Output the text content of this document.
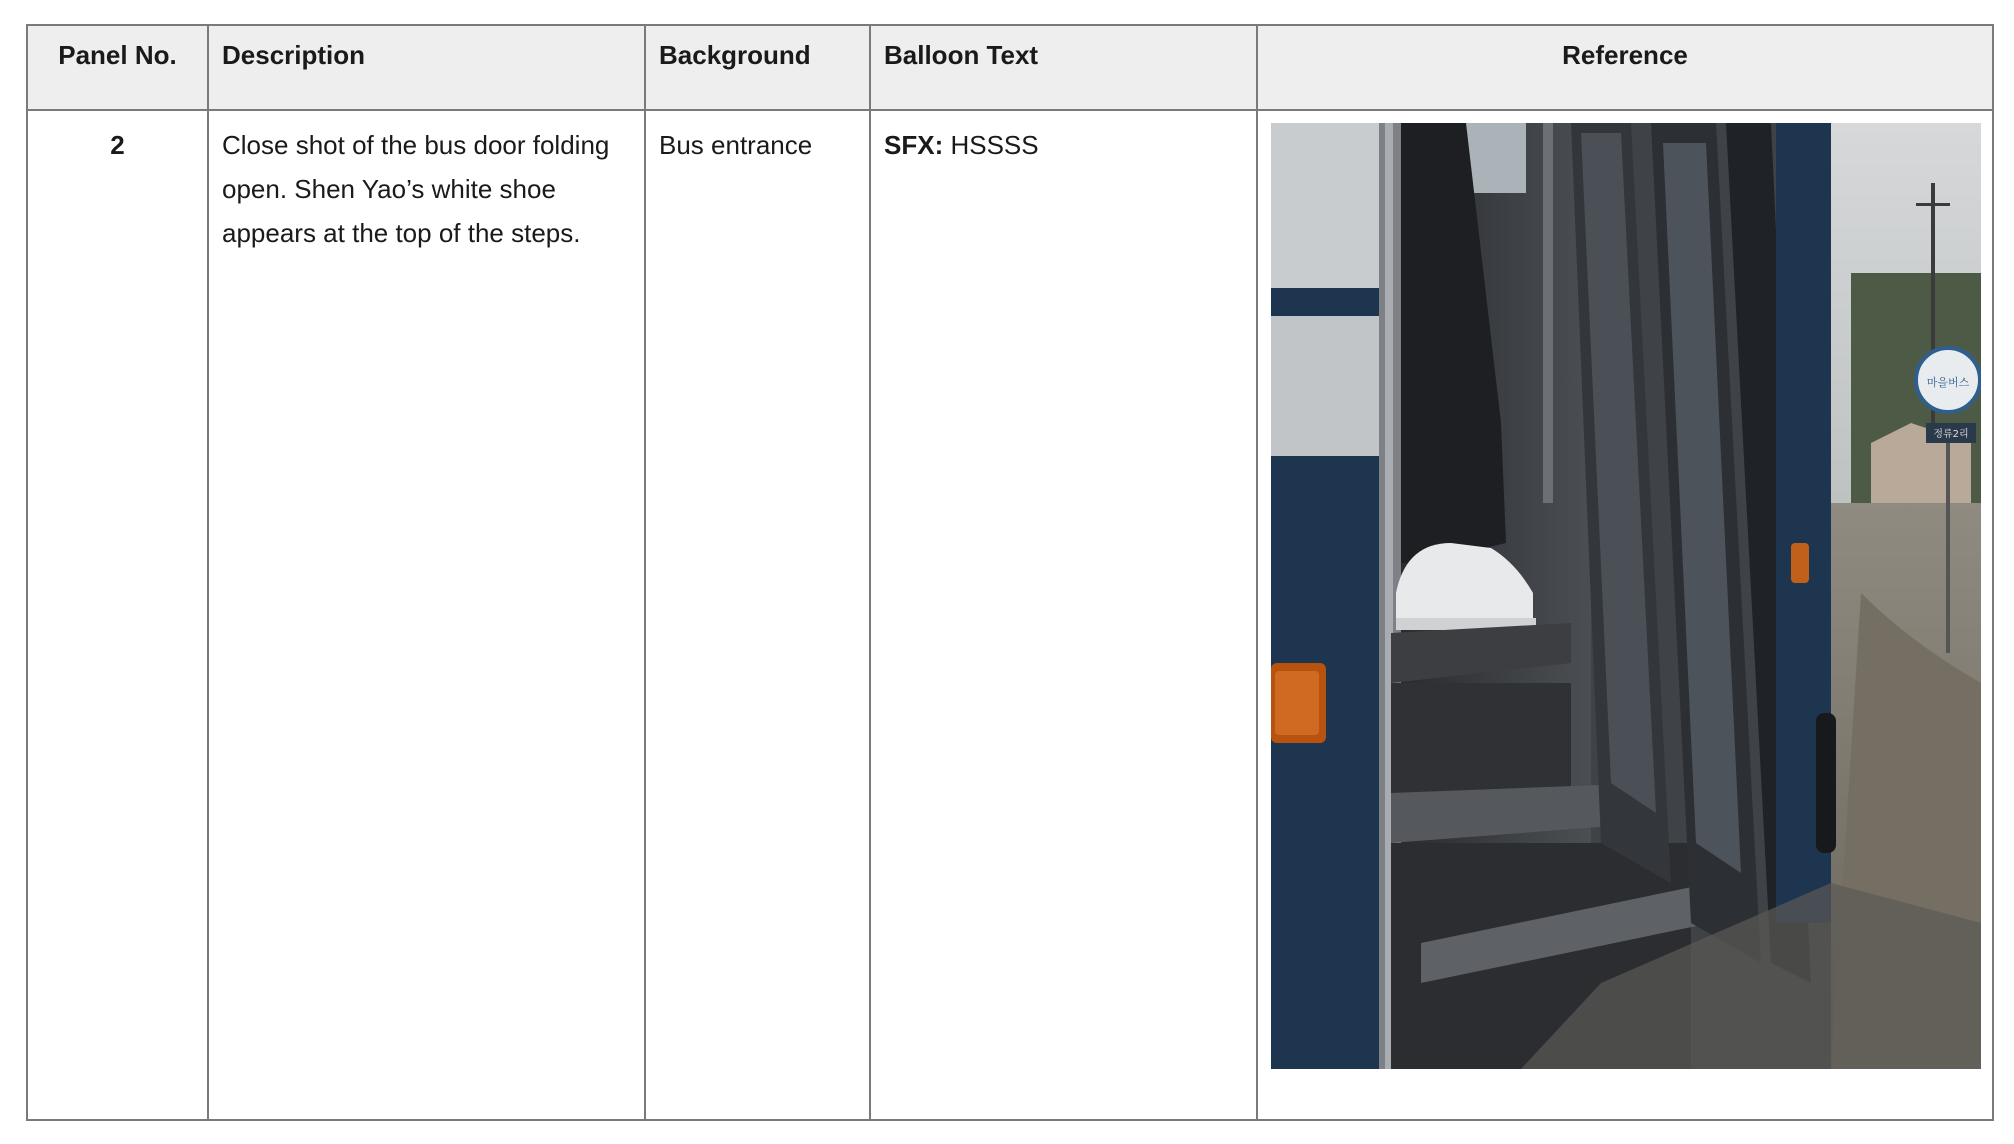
Panel No.	Description	Background	Balloon Text	Reference
2	Close shot of the bus door folding open. Shen Yao’s white shoe appears at the top of the steps.	Bus entrance	SFX: HSSSS	마을버스
정류2리
